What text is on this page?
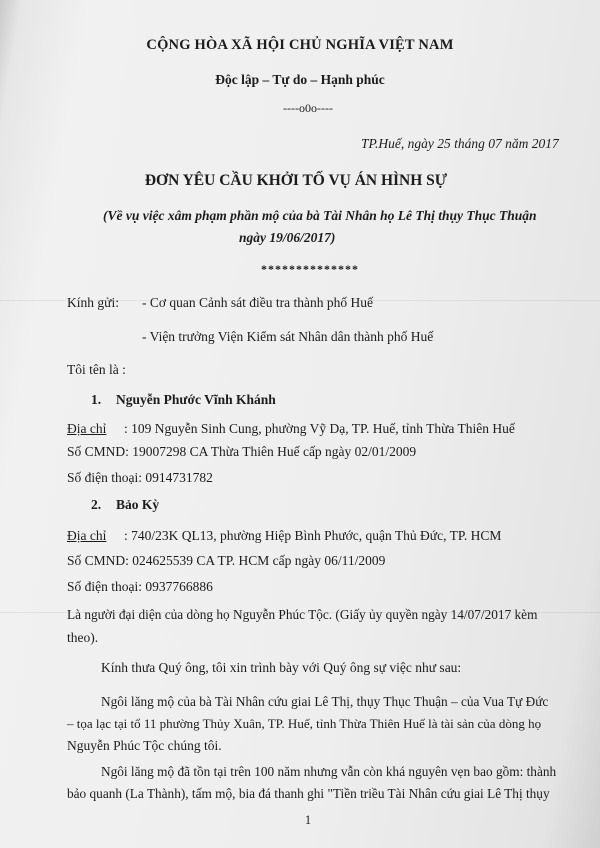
CỘNG HÒA XÃ HỘI CHỦ NGHĨA VIỆT NAM
Độc lập – Tự do – Hạnh phúc
----o0o----
TP.Huế, ngày 25 tháng 07 năm 2017
ĐƠN YÊU CẦU KHỞI TỐ VỤ ÁN HÌNH SỰ
(Về vụ việc xâm phạm phần mộ của bà Tài Nhân họ Lê Thị thụy Thục Thuận
ngày 19/06/2017)
**************
Kính gửi: - Cơ quan Cảnh sát điều tra thành phố Huế
- Viện trưởng Viện Kiểm sát Nhân dân thành phố Huế
Tôi tên là :
1. Nguyễn Phước Vĩnh Khánh
Địa chỉ : 109 Nguyễn Sinh Cung, phường Vỹ Dạ, TP. Huế, tỉnh Thừa Thiên Huế
Số CMND: 19007298 CA Thừa Thiên Huế cấp ngày 02/01/2009
Số điện thoại: 0914731782
2. Bảo Kỳ
Địa chỉ : 740/23K QL13, phường Hiệp Bình Phước, quận Thủ Đức, TP. HCM
Số CMND: 024625539 CA TP. HCM cấp ngày 06/11/2009
Số điện thoại: 0937766886
Là người đại diện của dòng họ Nguyễn Phúc Tộc. (Giấy ủy quyền ngày 14/07/2017 kèm
theo).
Kính thưa Quý ông, tôi xin trình bày với Quý ông sự việc như sau:
Ngôi lăng mộ của bà Tài Nhân cứu giai Lê Thị, thụy Thục Thuận – của Vua Tự Đức
– tọa lạc tại tổ 11 phường Thủy Xuân, TP. Huế, tỉnh Thừa Thiên Huế là tài sản của dòng họ
Nguyễn Phúc Tộc chúng tôi.
Ngôi lăng mộ đã tồn tại trên 100 năm nhưng vẫn còn khá nguyên vẹn bao gồm: thành
bảo quanh (La Thành), tấm mộ, bia đá thanh ghi "Tiền triều Tài Nhân cứu giai Lê Thị thụy
1
